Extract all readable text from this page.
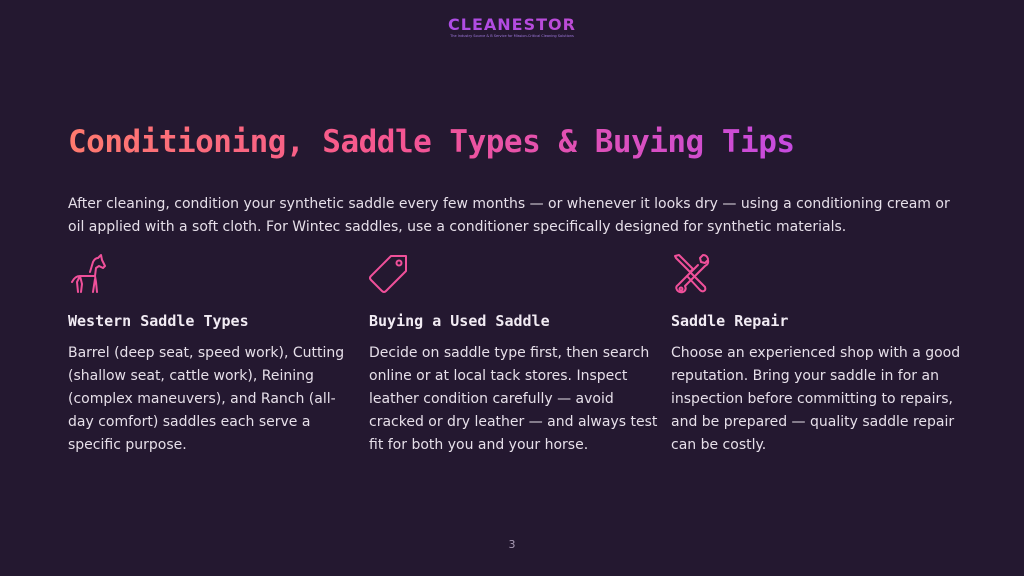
CLEANESTOR
The Industry Source & B Service for Mission-Critical Cleaning Solutions
Conditioning, Saddle Types & Buying Tips
After cleaning, condition your synthetic saddle every few months — or whenever it looks dry — using a conditioning cream or oil applied with a soft cloth. For Wintec saddles, use a conditioner specifically designed for synthetic materials.
Western Saddle Types

Barrel (deep seat, speed work), Cutting (shallow seat, cattle work), Reining (complex maneuvers), and Ranch (all-day comfort) saddles each serve a specific purpose.

Buying a Used Saddle

Decide on saddle type first, then search online or at local tack stores. Inspect leather condition carefully — avoid cracked or dry leather — and always test fit for both you and your horse.

Saddle Repair

Choose an experienced shop with a good reputation. Bring your saddle in for an inspection before committing to repairs, and be prepared — quality saddle repair can be costly.

3
